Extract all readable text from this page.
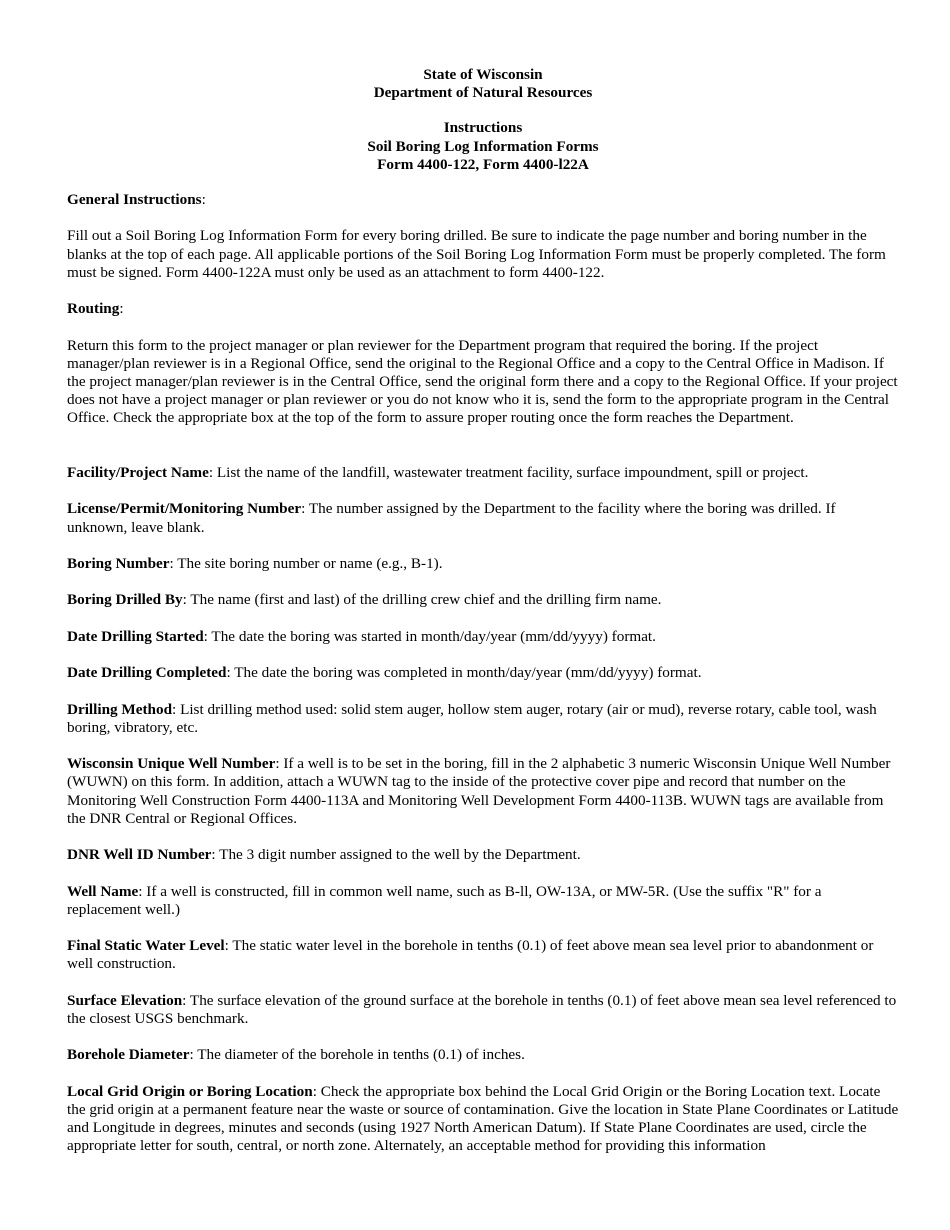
State of Wisconsin

Department of Natural Resources

Instructions

Soil Boring Log Information Forms

Form 4400-122, Form 4400-l22A

General Instructions:

Fill out a Soil Boring Log Information Form for every boring drilled. Be sure to indicate the page number and boring number in the blanks at the top of each page. All applicable portions of the Soil Boring Log Information Form must be properly completed. The form must be signed. Form 4400-122A must only be used as an attachment to form 4400-122.

Routing:

Return this form to the project manager or plan reviewer for the Department program that required the boring. If the project manager/plan reviewer is in a Regional Office, send the original to the Regional Office and a copy to the Central Office in Madison. If the project manager/plan reviewer is in the Central Office, send the original form there and a copy to the Regional Office. If your project does not have a project manager or plan reviewer or you do not know who it is, send the form to the appropriate program in the Central Office. Check the appropriate box at the top of the form to assure proper routing once the form reaches the Department.

Facility/Project Name: List the name of the landfill, wastewater treatment facility, surface impoundment, spill or project.

License/Permit/Monitoring Number: The number assigned by the Department to the facility where the boring was drilled. If unknown, leave blank.

Boring Number: The site boring number or name (e.g., B-1).

Boring Drilled By: The name (first and last) of the drilling crew chief and the drilling firm name.

Date Drilling Started: The date the boring was started in month/day/year (mm/dd/yyyy) format.

Date Drilling Completed: The date the boring was completed in month/day/year (mm/dd/yyyy) format.

Drilling Method: List drilling method used: solid stem auger, hollow stem auger, rotary (air or mud), reverse rotary, cable tool, wash boring, vibratory, etc.

Wisconsin Unique Well Number: If a well is to be set in the boring, fill in the 2 alphabetic 3 numeric Wisconsin Unique Well Number (WUWN) on this form. In addition, attach a WUWN tag to the inside of the protective cover pipe and record that number on the Monitoring Well Construction Form 4400-113A and Monitoring Well Development Form 4400-113B. WUWN tags are available from the DNR Central or Regional Offices.

DNR Well ID Number: The 3 digit number assigned to the well by the Department.

Well Name: If a well is constructed, fill in common well name, such as B-ll, OW-13A, or MW-5R. (Use the suffix "R" for a replacement well.)

Final Static Water Level: The static water level in the borehole in tenths (0.1) of feet above mean sea level prior to abandonment or well construction.

Surface Elevation: The surface elevation of the ground surface at the borehole in tenths (0.1) of feet above mean sea level referenced to the closest USGS benchmark.

Borehole Diameter: The diameter of the borehole in tenths (0.1) of inches.

Local Grid Origin or Boring Location: Check the appropriate box behind the Local Grid Origin or the Boring Location text. Locate the grid origin at a permanent feature near the waste or source of contamination. Give the location in State Plane Coordinates or Latitude and Longitude in degrees, minutes and seconds (using 1927 North American Datum). If State Plane Coordinates are used, circle the appropriate letter for south, central, or north zone. Alternately, an acceptable method for providing this information
